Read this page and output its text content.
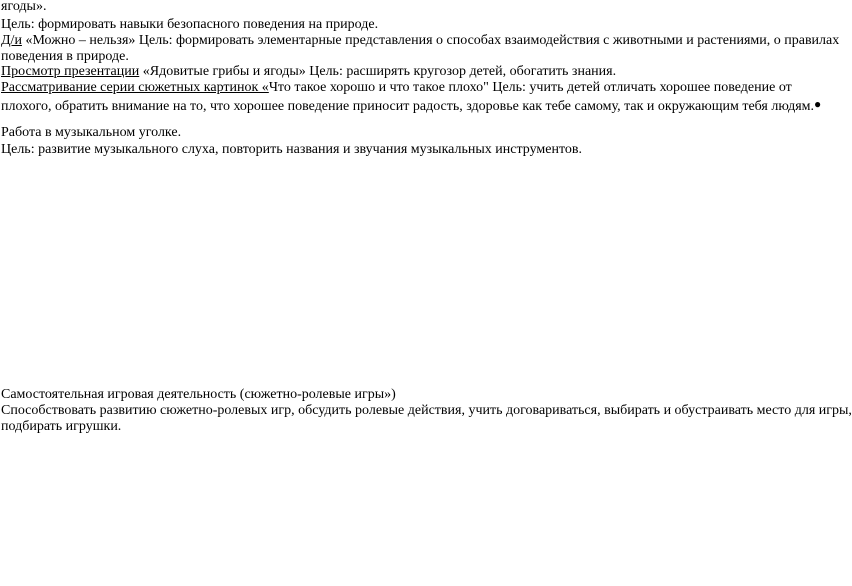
ягоды».
Цель: формировать навыки безопасного поведения на природе.
Д/и «Можно – нельзя» Цель: формировать элементарные представления о способах взаимодействия с животными и растениями, о правилах
поведения в природе.
Просмотр презентации «Ядовитые грибы и ягоды» Цель: расширять кругозор детей, обогатить знания.
Рассматривание серии сюжетных картинок «Что такое хорошо и что такое плохо" Цель: учить детей отличать хорошее поведение от
плохого, обратить внимание на то, что хорошее поведение приносит радость, здоровье как тебе самому, так и окружающим тебя людям.●
Работа в музыкальном уголке.
Цель: развитие музыкального слуха, повторить названия и звучания музыкальных инструментов.
Самостоятельная игровая деятельность (сюжетно-ролевые игры»)
Способствовать развитию сюжетно-ролевых игр, обсудить ролевые действия, учить договариваться, выбирать и обустраивать место для игры,
подбирать игрушки.
